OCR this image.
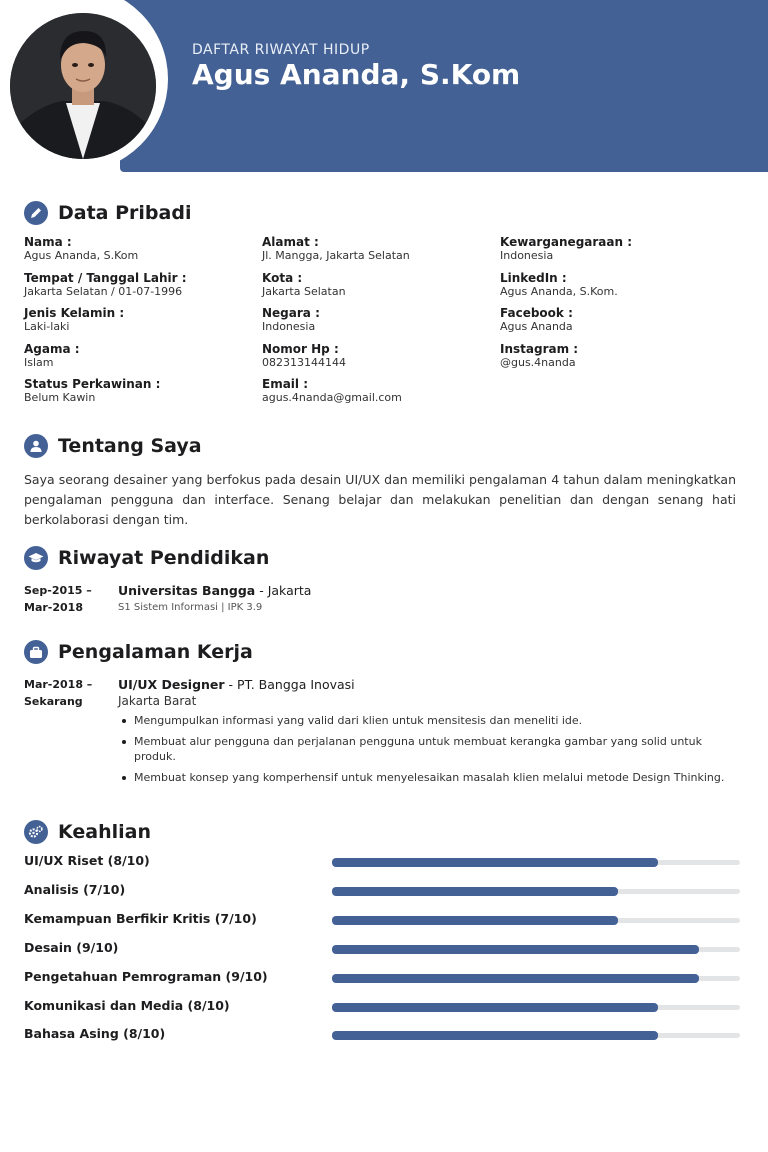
DAFTAR RIWAYAT HIDUP
Agus Ananda, S.Kom
Data Pribadi
Nama :
Agus Ananda, S.Kom
Tempat / Tanggal Lahir :
Jakarta Selatan / 01-07-1996
Jenis Kelamin :
Laki-laki
Agama :
Islam
Status Perkawinan :
Belum Kawin
Alamat :
Jl. Mangga, Jakarta Selatan
Kota :
Jakarta Selatan
Negara :
Indonesia
Nomor Hp :
082313144144
Email :
agus.4nanda@gmail.com
Kewarganegaraan :
Indonesia
LinkedIn :
Agus Ananda, S.Kom.
Facebook :
Agus Ananda
Instagram :
@gus.4nanda
Tentang Saya
Saya seorang desainer yang berfokus pada desain UI/UX dan memiliki pengalaman 4 tahun dalam meningkatkan pengalaman pengguna dan interface. Senang belajar dan melakukan penelitian dan dengan senang hati berkolaborasi dengan tim.
Riwayat Pendidikan
Sep-2015 –
Mar-2018
Universitas Bangga - Jakarta
S1 Sistem Informasi | IPK 3.9
Pengalaman Kerja
Mar-2018 –
Sekarang
UI/UX Designer - PT. Bangga Inovasi
Jakarta Barat
Mengumpulkan informasi yang valid dari klien untuk mensitesis dan meneliti ide.
Membuat alur pengguna dan perjalanan pengguna untuk membuat kerangka gambar yang solid untuk produk.
Membuat konsep yang komperhensif untuk menyelesaikan masalah klien melalui metode Design Thinking.
Keahlian
UI/UX Riset (8/10)
Analisis (7/10)
Kemampuan Berfikir Kritis (7/10)
Desain (9/10)
Pengetahuan Pemrograman (9/10)
Komunikasi dan Media (8/10)
Bahasa Asing (8/10)
